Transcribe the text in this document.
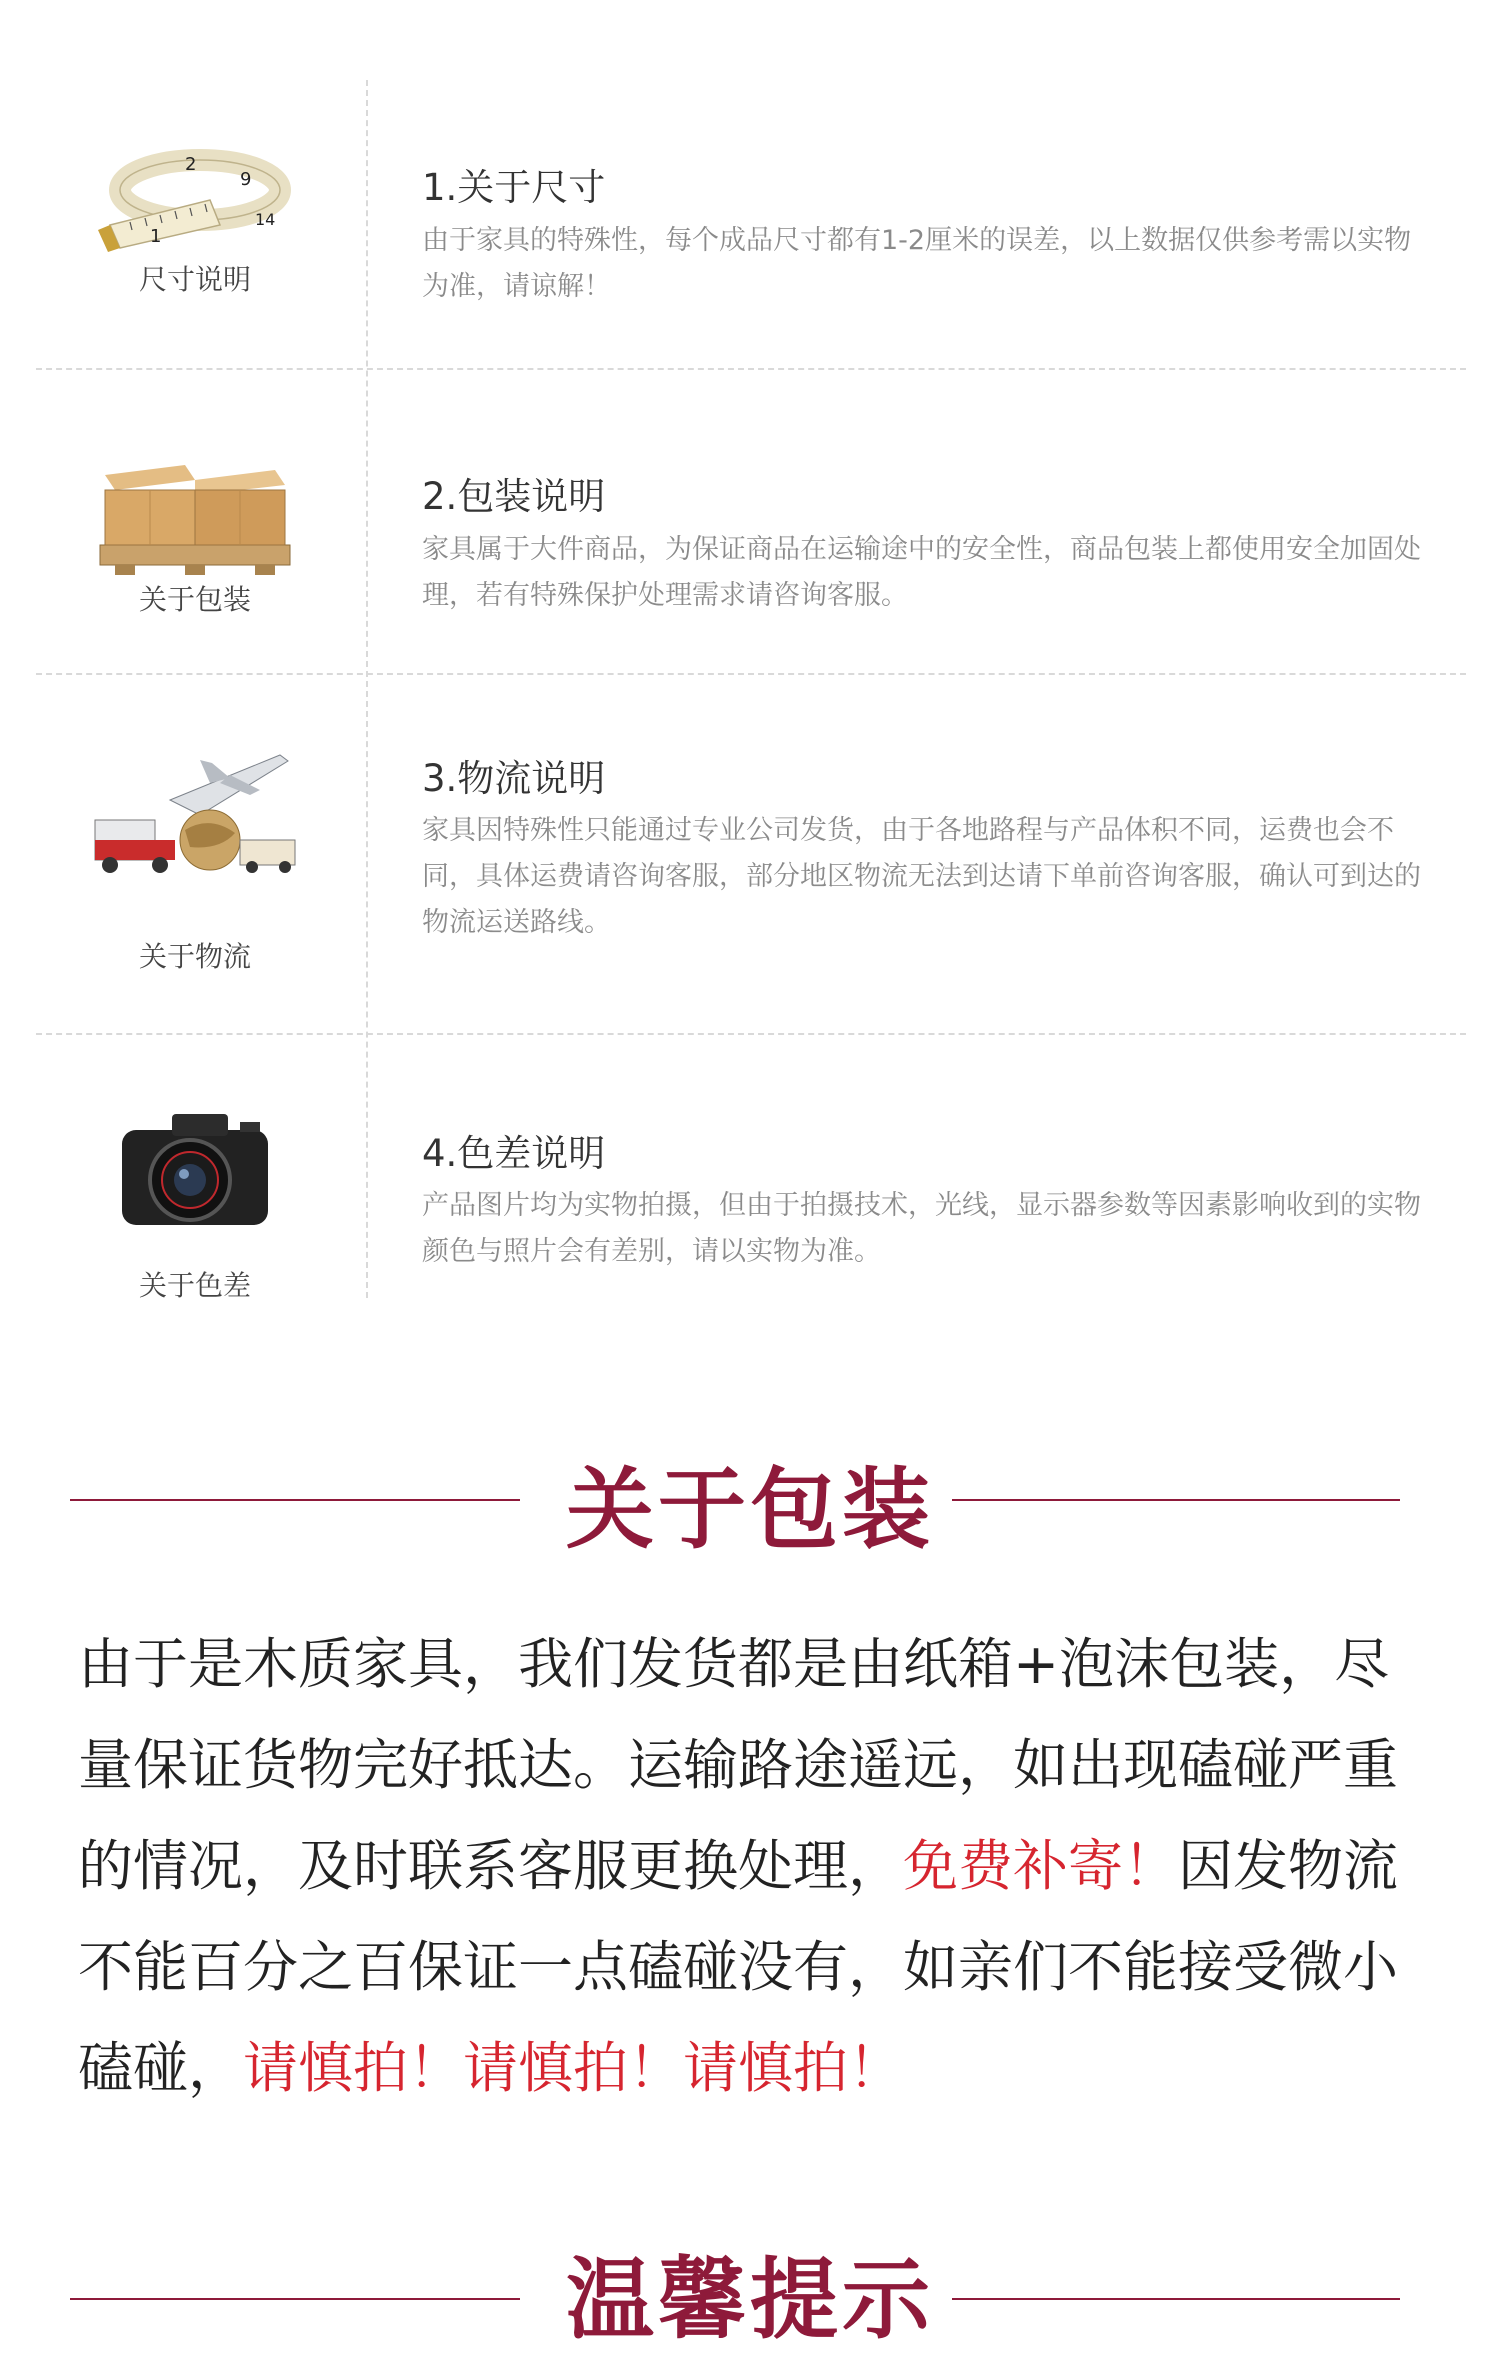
1
2
9
14
尺寸说明
1.关于尺寸
由于家具的特殊性，每个成品尺寸都有1-2厘米的误差，以上数据仅供参考需以实物为准，请谅解！
关于包装
2.包装说明
家具属于大件商品，为保证商品在运输途中的安全性，商品包装上都使用安全加固处理，若有特殊保护处理需求请咨询客服。
关于物流
3.物流说明
家具因特殊性只能通过专业公司发货，由于各地路程与产品体积不同，运费也会不同，具体运费请咨询客服，部分地区物流无法到达请下单前咨询客服，确认可到达的物流运送路线。
关于色差
4.色差说明
产品图片均为实物拍摄，但由于拍摄技术，光线，显示器参数等因素影响收到的实物颜色与照片会有差别，请以实物为准。
关于包装
由于是木质家具，我们发货都是由纸箱+泡沫包装，尽量保证货物完好抵达。运输路途遥远，如出现磕碰严重的情况，及时联系客服更换处理，免费补寄！因发物流不能百分之百保证一点磕碰没有，如亲们不能接受微小磕碰，请慎拍！请慎拍！请慎拍！
温馨提示
